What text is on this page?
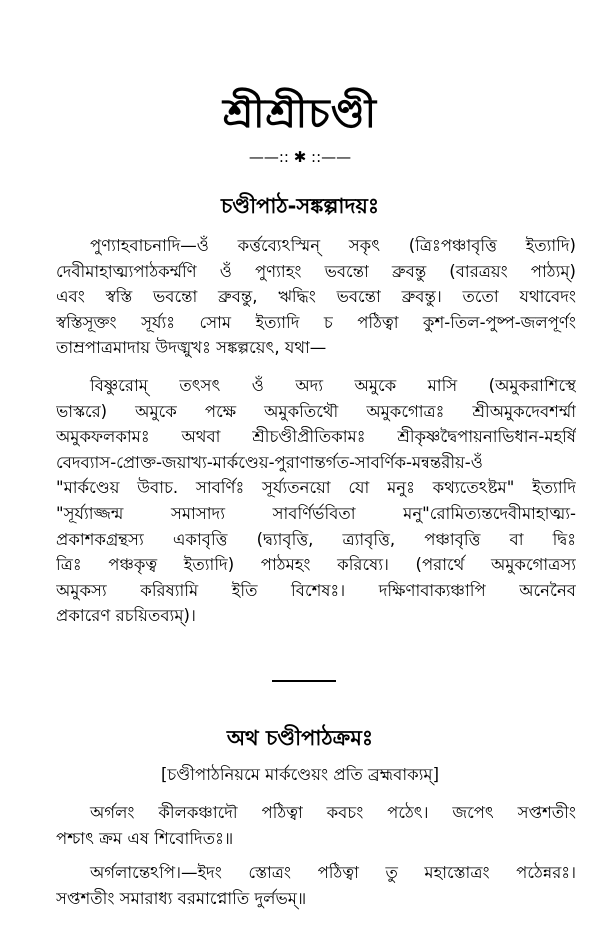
শ্রীশ্রীচণ্ডী
——:: ✱ ::——
চণ্ডীপাঠ-সঙ্কল্পাদয়ঃ
পুণ্যাহবাচনাদি—ওঁ কর্ত্তব্যেঽস্মিন্ সকৃৎ (ত্রিঃপঞ্চাবৃত্তি ইত্যাদি)
দেবীমাহাত্ম্যপাঠকর্ম্মণি ওঁ পুণ্যাহং ভবন্তো ব্রুবন্তু (বারত্রয়ং পাঠ্যম্)
এবং স্বস্তি ভবন্তো ব্রুবন্তু, ঋদ্ধিং ভবন্তো ব্রুবন্তু। ততো যথাবেদং
স্বস্তিসূক্তং সূর্য্যঃ সোম ইত্যাদি চ পঠিত্বা কুশ-তিল-পুষ্প-জলপূর্ণং
তাম্রপাত্রমাদায় উদঙ্মুখঃ সঙ্কল্পয়েৎ, যথা—
বিষ্ণুরোম্ তৎসৎ ওঁ অদ্য অমুকে মাসি (অমুকরাশিস্থে
ভাস্করে) অমুকে পক্ষে অমুকতিথৌ অমুকগোত্রঃ শ্রীঅমুকদেবশর্ম্মা
অমুকফলকামঃ অথবা শ্রীচণ্ডীপ্রীতিকামঃ শ্রীকৃষ্ণদ্বৈপায়নাভিধান-মহর্ষি
বেদব্যাস-প্রোক্ত-জয়াখ্য-মার্কণ্ডেয়-পুরাণান্তর্গত-সাবর্ণিক-মন্বন্তরীয়-ওঁ
"মার্কণ্ডেয় উবাচ. সাবর্ণিঃ সূর্য্যতনয়ো যো মনুঃ কথ্যতেঽষ্টম" ইত্যাদি
"সূর্য্যাজ্জন্ম সমাসাদ্য সাবর্ণির্ভবিতা মনু"রোমিত্যন্তদেবীমাহাত্ম্য-
প্রকাশকগ্রন্থস্য একাবৃত্তি (দ্ব্যাবৃত্তি, ত্র্যাবৃত্তি, পঞ্চাবৃত্তি বা দ্বিঃ
ত্রিঃ পঞ্চকৃত্ব ইত্যাদি) পাঠমহং করিষ্যে। (পরার্থে অমুকগোত্রস্য
অমুকস্য করিষ্যামি ইতি বিশেষঃ। দক্ষিণাবাক্যঞ্চাপি অনেনৈব
প্রকারেণ রচয়িতব্যম্)।
অথ চণ্ডীপাঠক্রমঃ
[চণ্ডীপাঠনিয়মে মার্কণ্ডেয়ং প্রতি ব্রহ্মবাক্যম্]
অর্গলং কীলকঞ্চাদৌ পঠিত্বা কবচং পঠেৎ। জপেৎ সপ্তশতীং
পশ্চাৎ ক্রম এষ শিবোদিতঃ॥
অর্গলান্তেঽপি।—ইদং স্তোত্রং পঠিত্বা তু মহাস্তোত্রং পঠেন্নরঃ।
সপ্তশতীং সমারাধ্য বরমাপ্নোতি দুর্লভম্॥
